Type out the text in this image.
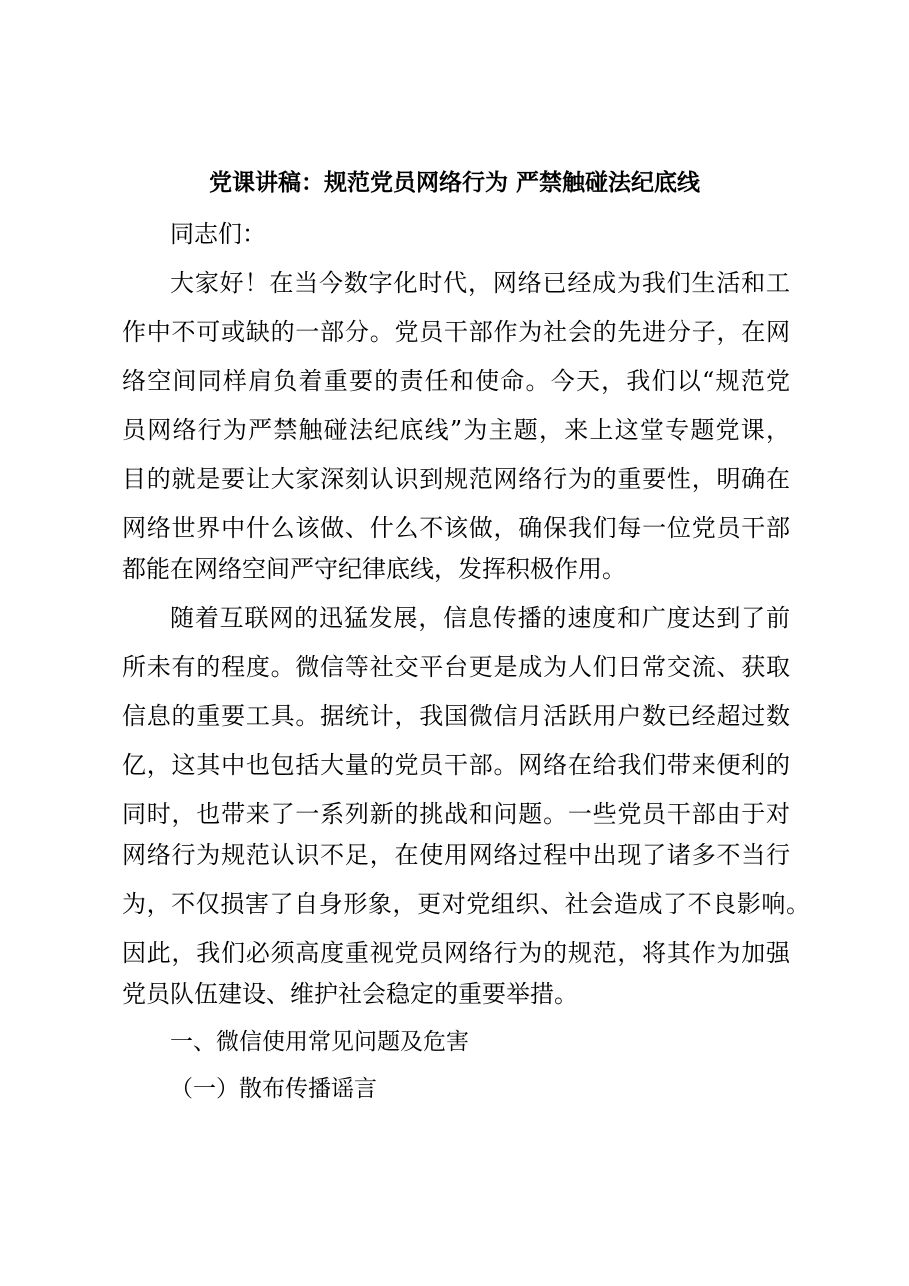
党课讲稿：规范党员网络行为 严禁触碰法纪底线
同志们：
大家好！在当今数字化时代，网络已经成为我们生活和工
作中不可或缺的一部分。党员干部作为社会的先进分子，在网
络空间同样肩负着重要的责任和使命。今天，我们以“规范党
员网络行为严禁触碰法纪底线”为主题，来上这堂专题党课，
目的就是要让大家深刻认识到规范网络行为的重要性，明确在
网络世界中什么该做、什么不该做，确保我们每一位党员干部
都能在网络空间严守纪律底线，发挥积极作用。
随着互联网的迅猛发展，信息传播的速度和广度达到了前
所未有的程度。微信等社交平台更是成为人们日常交流、获取
信息的重要工具。据统计，我国微信月活跃用户数已经超过数
亿，这其中也包括大量的党员干部。网络在给我们带来便利的
同时，也带来了一系列新的挑战和问题。一些党员干部由于对
网络行为规范认识不足，在使用网络过程中出现了诸多不当行
为，不仅损害了自身形象，更对党组织、社会造成了不良影响。
因此，我们必须高度重视党员网络行为的规范，将其作为加强
党员队伍建设、维护社会稳定的重要举措。
一、微信使用常见问题及危害
（一）散布传播谣言
